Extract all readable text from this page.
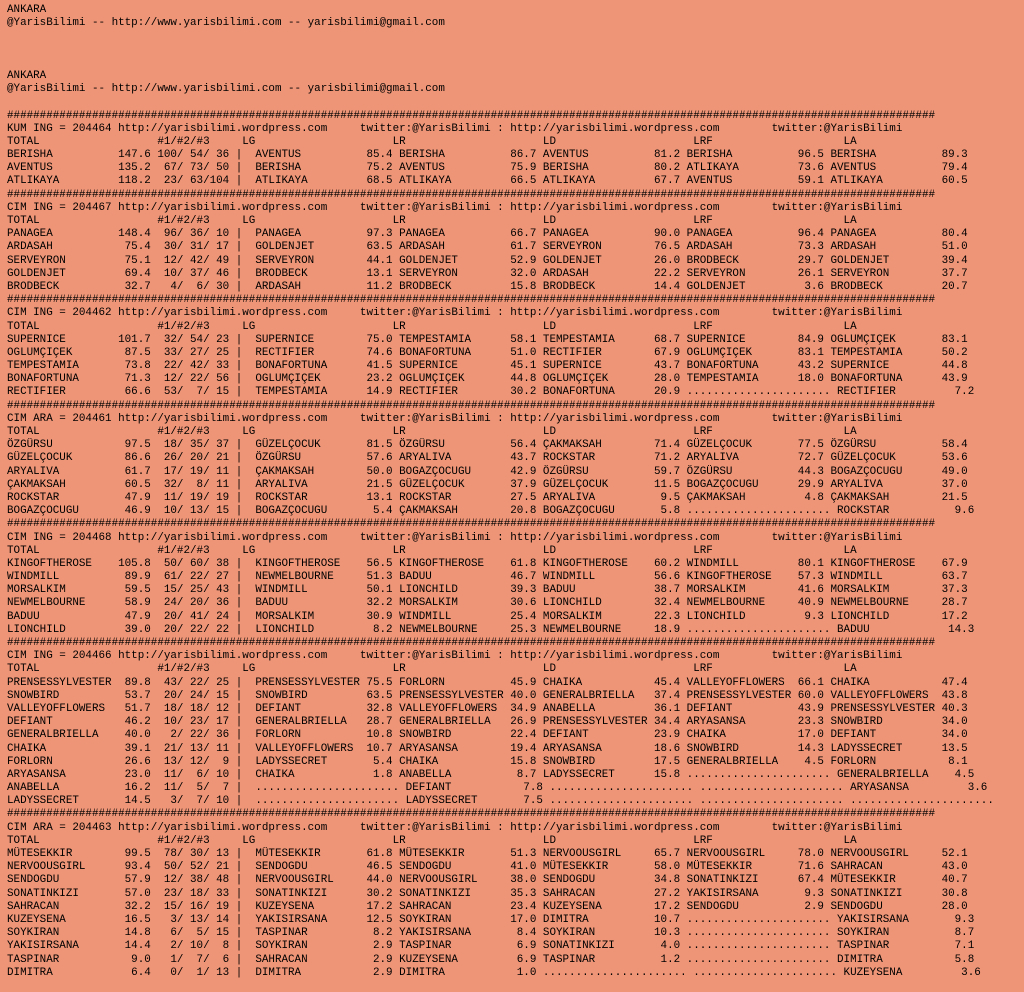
ANKARA
@YarisBilimi -- http://www.yarisbilimi.com -- yarisbilimi@gmail.com
ANKARA
@YarisBilimi -- http://www.yarisbilimi.com -- yarisbilimi@gmail.com
##############################################################################################################################################
KUM ING = 204464 http://yarisbilimi.wordpress.com     twitter:@YarisBilimi : http://yarisbilimi.wordpress.com        twitter:@YarisBilimi
TOTAL                  #1/#2/#3     LG                     LR                     LD                     LRF                    LA
BERISHA          147.6 100/ 54/ 36 |  AVENTUS          85.4 BERISHA          86.7 AVENTUS          81.2 BERISHA          96.5 BERISHA          89.3
AVENTUS          135.2  67/ 73/ 50 |  BERISHA          75.2 AVENTUS          75.9 BERISHA          80.2 ATLIKAYA         73.6 AVENTUS          79.4
ATLIKAYA         118.2  23/ 63/104 |  ATLIKAYA         68.5 ATLIKAYA         66.5 ATLIKAYA         67.7 AVENTUS          59.1 ATLIKAYA         60.5
##############################################################################################################################################
CIM ING = 204467 http://yarisbilimi.wordpress.com     twitter:@YarisBilimi : http://yarisbilimi.wordpress.com        twitter:@YarisBilimi
TOTAL                  #1/#2/#3     LG                     LR                     LD                     LRF                    LA
PANAGEA          148.4  96/ 36/ 10 |  PANAGEA          97.3 PANAGEA          66.7 PANAGEA          90.0 PANAGEA          96.4 PANAGEA          80.4
ARDASAH           75.4  30/ 31/ 17 |  GOLDENJET        63.5 ARDASAH          61.7 SERVEYRON        76.5 ARDASAH          73.3 ARDASAH          51.0
SERVEYRON         75.1  12/ 42/ 49 |  SERVEYRON        44.1 GOLDENJET        52.9 GOLDENJET        26.0 BRODBECK         29.7 GOLDENJET        39.4
GOLDENJET         69.4  10/ 37/ 46 |  BRODBECK         13.1 SERVEYRON        32.0 ARDASAH          22.2 SERVEYRON        26.1 SERVEYRON        37.7
BRODBECK          32.7   4/  6/ 30 |  ARDASAH          11.2 BRODBECK         15.8 BRODBECK         14.4 GOLDENJET         3.6 BRODBECK         20.7
##############################################################################################################################################
CIM ING = 204462 http://yarisbilimi.wordpress.com     twitter:@YarisBilimi : http://yarisbilimi.wordpress.com        twitter:@YarisBilimi
TOTAL                  #1/#2/#3     LG                     LR                     LD                     LRF                    LA
SUPERNICE        101.7  32/ 54/ 23 |  SUPERNICE        75.0 TEMPESTAMIA      58.1 TEMPESTAMIA      68.7 SUPERNICE        84.9 OGLUMÇIÇEK       83.1
OGLUMÇIÇEK        87.5  33/ 27/ 25 |  RECTIFIER        74.6 BONAFORTUNA      51.0 RECTIFIER        67.9 OGLUMÇIÇEK       83.1 TEMPESTAMIA      50.2
TEMPESTAMIA       73.8  22/ 42/ 33 |  BONAFORTUNA      41.5 SUPERNICE        45.1 SUPERNICE        43.7 BONAFORTUNA      43.2 SUPERNICE        44.8
BONAFORTUNA       71.3  12/ 22/ 56 |  OGLUMÇIÇEK       23.2 OGLUMÇIÇEK       44.8 OGLUMÇIÇEK       28.0 TEMPESTAMIA      18.0 BONAFORTUNA      43.9
RECTIFIER         66.6  53/  7/ 15 |  TEMPESTAMIA      14.9 RECTIFIER        30.2 BONAFORTUNA      20.9 ...................... RECTIFIER         7.2
##############################################################################################################################################
CIM ARA = 204461 http://yarisbilimi.wordpress.com     twitter:@YarisBilimi : http://yarisbilimi.wordpress.com        twitter:@YarisBilimi
TOTAL                  #1/#2/#3     LG                     LR                     LD                     LRF                    LA
ÖZGÜRSU           97.5  18/ 35/ 37 |  GÜZELÇOCUK       81.5 ÖZGÜRSU          56.4 ÇAKMAKSAH        71.4 GÜZELÇOCUK       77.5 ÖZGÜRSU          58.4
GÜZELÇOCUK        86.6  26/ 20/ 21 |  ÖZGÜRSU          57.6 ARYALIVA         43.7 ROCKSTAR         71.2 ARYALIVA         72.7 GÜZELÇOCUK       53.6
ARYALIVA          61.7  17/ 19/ 11 |  ÇAKMAKSAH        50.0 BOGAZÇOCUGU      42.9 ÖZGÜRSU          59.7 ÖZGÜRSU          44.3 BOGAZÇOCUGU      49.0
ÇAKMAKSAH         60.5  32/  8/ 11 |  ARYALIVA         21.5 GÜZELÇOCUK       37.9 GÜZELÇOCUK       11.5 BOGAZÇOCUGU      29.9 ARYALIVA         37.0
ROCKSTAR          47.9  11/ 19/ 19 |  ROCKSTAR         13.1 ROCKSTAR         27.5 ARYALIVA          9.5 ÇAKMAKSAH         4.8 ÇAKMAKSAH        21.5
BOGAZÇOCUGU       46.9  10/ 13/ 15 |  BOGAZÇOCUGU       5.4 ÇAKMAKSAH        20.8 BOGAZÇOCUGU       5.8 ...................... ROCKSTAR          9.6
##############################################################################################################################################
CIM ING = 204468 http://yarisbilimi.wordpress.com     twitter:@YarisBilimi : http://yarisbilimi.wordpress.com        twitter:@YarisBilimi
TOTAL                  #1/#2/#3     LG                     LR                     LD                     LRF                    LA
KINGOFTHEROSE    105.8  50/ 60/ 38 |  KINGOFTHEROSE    56.5 KINGOFTHEROSE    61.8 KINGOFTHEROSE    60.2 WINDMILL         80.1 KINGOFTHEROSE    67.9
WINDMILL          89.9  61/ 22/ 27 |  NEWMELBOURNE     51.3 BADUU            46.7 WINDMILL         56.6 KINGOFTHEROSE    57.3 WINDMILL         63.7
MORSALKIM         59.5  15/ 25/ 43 |  WINDMILL         50.1 LIONCHILD        39.3 BADUU            38.7 MORSALKIM        41.6 MORSALKIM        37.3
NEWMELBOURNE      58.9  24/ 20/ 36 |  BADUU            32.2 MORSALKIM        30.6 LIONCHILD        32.4 NEWMELBOURNE     40.9 NEWMELBOURNE     28.7
BADUU             47.9  20/ 41/ 24 |  MORSALKIM        30.9 WINDMILL         25.4 MORSALKIM        22.3 LIONCHILD         9.3 LIONCHILD        17.2
LIONCHILD         39.0  20/ 22/ 22 |  LIONCHILD         8.2 NEWMELBOURNE     25.3 NEWMELBOURNE     18.9 ...................... BADUU            14.3
##############################################################################################################################################
CIM ING = 204466 http://yarisbilimi.wordpress.com     twitter:@YarisBilimi : http://yarisbilimi.wordpress.com        twitter:@YarisBilimi
TOTAL                  #1/#2/#3     LG                     LR                     LD                     LRF                    LA
PRENSESSYLVESTER  89.8  43/ 22/ 25 |  PRENSESSYLVESTER 75.5 FORLORN          45.9 CHAIKA           45.4 VALLEYOFFLOWERS  66.1 CHAIKA           47.4
SNOWBIRD          53.7  20/ 24/ 15 |  SNOWBIRD         63.5 PRENSESSYLVESTER 40.0 GENERALBRIELLA   37.4 PRENSESSYLVESTER 60.0 VALLEYOFFLOWERS  43.8
VALLEYOFFLOWERS   51.7  18/ 18/ 12 |  DEFIANT          32.8 VALLEYOFFLOWERS  34.9 ANABELLA         36.1 DEFIANT          43.9 PRENSESSYLVESTER 40.3
DEFIANT           46.2  10/ 23/ 17 |  GENERALBRIELLA   28.7 GENERALBRIELLA   26.9 PRENSESSYLVESTER 34.4 ARYASANSA        23.3 SNOWBIRD         34.0
GENERALBRIELLA    40.0   2/ 22/ 36 |  FORLORN          10.8 SNOWBIRD         22.4 DEFIANT          23.9 CHAIKA           17.0 DEFIANT          34.0
CHAIKA            39.1  21/ 13/ 11 |  VALLEYOFFLOWERS  10.7 ARYASANSA        19.4 ARYASANSA        18.6 SNOWBIRD         14.3 LADYSSECRET      13.5
FORLORN           26.6  13/ 12/  9 |  LADYSSECRET       5.4 CHAIKA           15.8 SNOWBIRD         17.5 GENERALBRIELLA    4.5 FORLORN           8.1
ARYASANSA         23.0  11/  6/ 10 |  CHAIKA            1.8 ANABELLA          8.7 LADYSSECRET      15.8 ...................... GENERALBRIELLA    4.5
ANABELLA          16.2  11/  5/  7 |  ...................... DEFIANT           7.8 ...................... ...................... ARYASANSA         3.6
LADYSSECRET       14.5   3/  7/ 10 |  ...................... LADYSSECRET       7.5 ...................... ...................... ......................
##############################################################################################################################################
CIM ARA = 204463 http://yarisbilimi.wordpress.com     twitter:@YarisBilimi : http://yarisbilimi.wordpress.com        twitter:@YarisBilimi
TOTAL                  #1/#2/#3     LG                     LR                     LD                     LRF                    LA
MÜTESEKKIR        99.5  78/ 30/ 13 |  MÜTESEKKIR       61.8 MÜTESEKKIR       51.3 NERVOOUSGIRL     65.7 NERVOOUSGIRL     78.0 NERVOOUSGIRL     52.1
NERVOOUSGIRL      93.4  50/ 52/ 21 |  SENDOGDU         46.5 SENDOGDU         41.0 MÜTESEKKIR       58.0 MÜTESEKKIR       71.6 SAHRACAN         43.0
SENDOGDU          57.9  12/ 38/ 48 |  NERVOOUSGIRL     44.0 NERVOOUSGIRL     38.0 SENDOGDU         34.8 SONATINKIZI      67.4 MÜTESEKKIR       40.7
SONATINKIZI       57.0  23/ 18/ 33 |  SONATINKIZI      30.2 SONATINKIZI      35.3 SAHRACAN         27.2 YAKISIRSANA       9.3 SONATINKIZI      30.8
SAHRACAN          32.2  15/ 16/ 19 |  KUZEYSENA        17.2 SAHRACAN         23.4 KUZEYSENA        17.2 SENDOGDU          2.9 SENDOGDU         28.0
KUZEYSENA         16.5   3/ 13/ 14 |  YAKISIRSANA      12.5 SOYKIRAN         17.0 DIMITRA          10.7 ...................... YAKISIRSANA       9.3
SOYKIRAN          14.8   6/  5/ 15 |  TASPINAR          8.2 YAKISIRSANA       8.4 SOYKIRAN         10.3 ...................... SOYKIRAN          8.7
YAKISIRSANA       14.4   2/ 10/  8 |  SOYKIRAN          2.9 TASPINAR          6.9 SONATINKIZI       4.0 ...................... TASPINAR          7.1
TASPINAR           9.0   1/  7/  6 |  SAHRACAN          2.9 KUZEYSENA         6.9 TASPINAR          1.2 ...................... DIMITRA           5.8
DIMITRA            6.4   0/  1/ 13 |  DIMITRA           2.9 DIMITRA           1.0 ...................... ...................... KUZEYSENA         3.6
